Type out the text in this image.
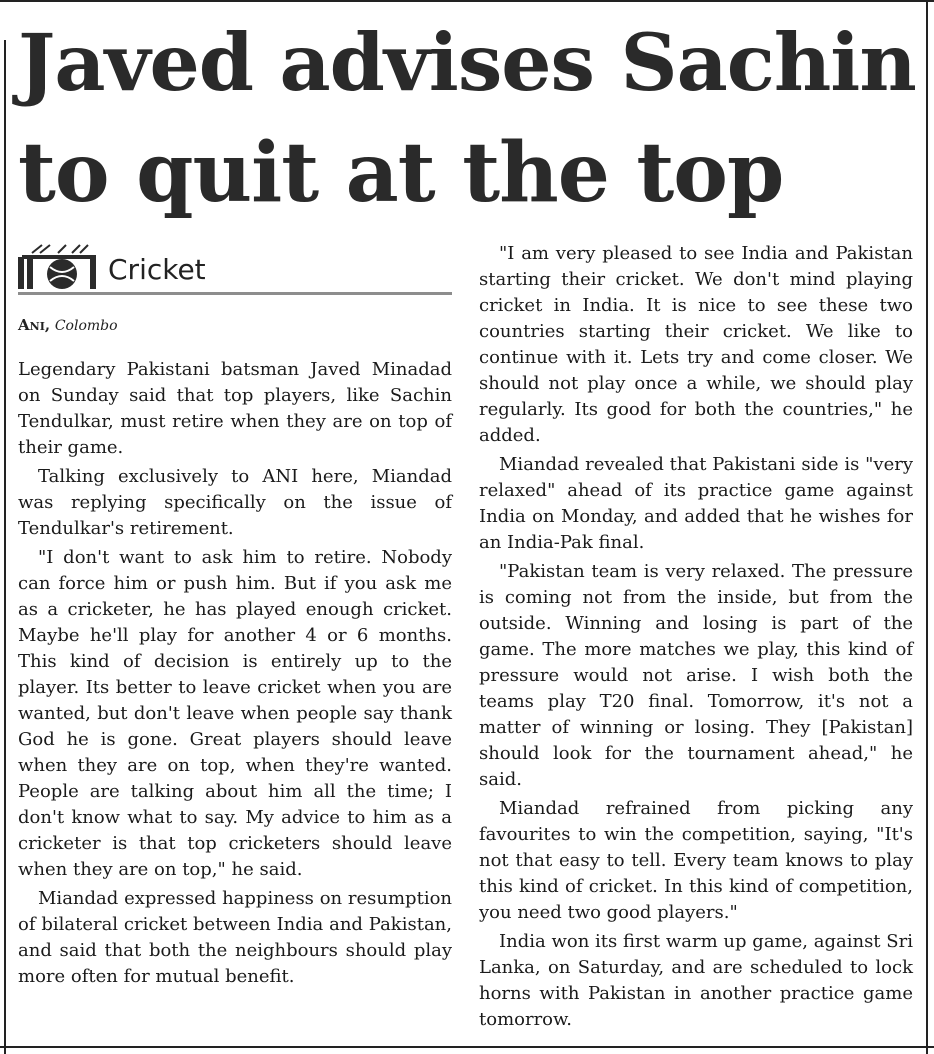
Javed advises Sachin
to quit at the top
Cricket
Ani, Colombo

Legendary Pakistani batsman Javed Minadad on Sunday said that top players, like Sachin Tendulkar, must retire when they are on top of their game.

Talking exclusively to ANI here, Miandad was replying specifically on the issue of Tendulkar's retirement.

"I don't want to ask him to retire. Nobody can force him or push him. But if you ask me as a cricketer, he has played enough cricket. Maybe he'll play for another 4 or 6 months. This kind of decision is entirely up to the player. Its better to leave cricket when you are wanted, but don't leave when people say thank God he is gone. Great players should leave when they are on top, when they're wanted. People are talking about him all the time; I don't know what to say. My advice to him as a cricketer is that top cricketers should leave when they are on top," he said.

Miandad expressed happiness on resumption of bilateral cricket between India and Pakistan, and said that both the neighbours should play more often for mutual benefit.

"I am very pleased to see India and Pakistan starting their cricket. We don't mind playing cricket in India. It is nice to see these two countries starting their cricket. We like to continue with it. Lets try and come closer. We should not play once a while, we should play regularly. Its good for both the countries," he added.

Miandad revealed that Pakistani side is "very relaxed" ahead of its practice game against India on Monday, and added that he wishes for an India-Pak final.

"Pakistan team is very relaxed. The pressure is coming not from the inside, but from the outside. Winning and losing is part of the game. The more matches we play, this kind of pressure would not arise. I wish both the teams play T20 final. Tomorrow, it's not a matter of winning or losing. They [Pakistan] should look for the tournament ahead," he said.

Miandad refrained from picking any favourites to win the competition, saying, "It's not that easy to tell. Every team knows to play this kind of cricket. In this kind of competition, you need two good players."

India won its first warm up game, against Sri Lanka, on Saturday, and are scheduled to lock horns with Pakistan in another practice game tomorrow.
